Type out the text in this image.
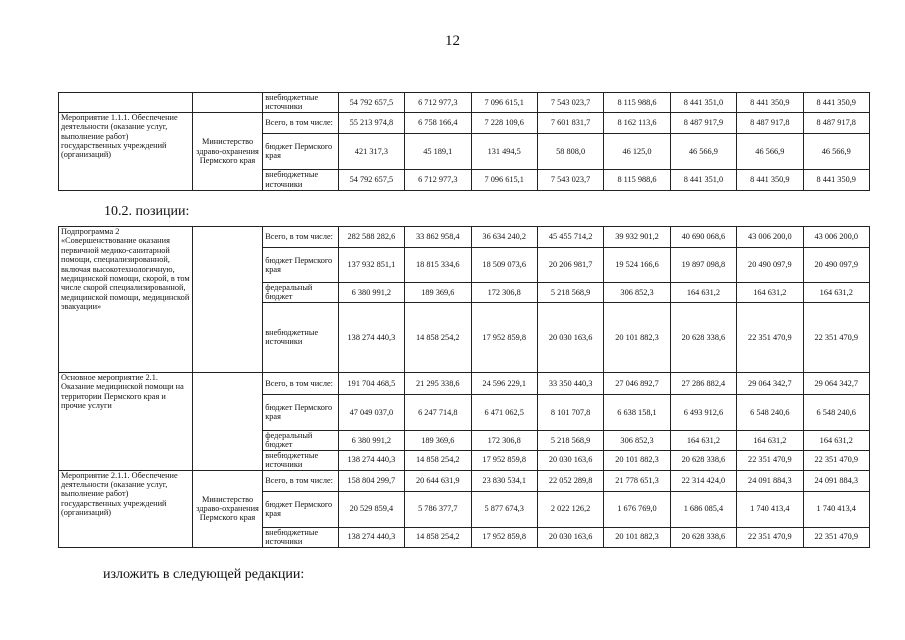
12
		внебюджетные источники	54 792 657,5	6 712 977,3	7 096 615,1	7 543 023,7	8 115 988,6	8 441 351,0	8 441 350,9	8 441 350,9
Мероприятие 1.1.1. Обеспечение деятельности (оказание услуг, выполнение работ) государственных учреждений (организаций)	Министерство здраво-охранения Пермского края	Всего, в том числе:	55 213 974,8	6 758 166,4	7 228 109,6	7 601 831,7	8 162 113,6	8 487 917,9	8 487 917,8	8 487 917,8
		бюджет Пермского края	421 317,3	45 189,1	131 494,5	58 808,0	46 125,0	46 566,9	46 566,9	46 566,9
		внебюджетные источники	54 792 657,5	6 712 977,3	7 096 615,1	7 543 023,7	8 115 988,6	8 441 351,0	8 441 350,9	8 441 350,9
10.2. позиции:
Подпрограмма 2 «Совершенствование оказания первичной медико-санитарной помощи, специализированной, включая высокотехнологичную, медицинской помощи, скорой, в том числе скорой специализированной, медицинской помощи, медицинской эвакуации»		Всего, в том числе:	282 588 282,6	33 862 958,4	36 634 240,2	45 455 714,2	39 932 901,2	40 690 068,6	43 006 200,0	43 006 200,0
		бюджет Пермского края	137 932 851,1	18 815 334,6	18 509 073,6	20 206 981,7	19 524 166,6	19 897 098,8	20 490 097,9	20 490 097,9
		федеральный бюджет	6 380 991,2	189 369,6	172 306,8	5 218 568,9	306 852,3	164 631,2	164 631,2	164 631,2
		внебюджетные источники	138 274 440,3	14 858 254,2	17 952 859,8	20 030 163,6	20 101 882,3	20 628 338,6	22 351 470,9	22 351 470,9
Основное мероприятие 2.1. Оказание медицинской помощи на территории Пермского края и прочие услуги		Всего, в том числе:	191 704 468,5	21 295 338,6	24 596 229,1	33 350 440,3	27 046 892,7	27 286 882,4	29 064 342,7	29 064 342,7
		бюджет Пермского края	47 049 037,0	6 247 714,8	6 471 062,5	8 101 707,8	6 638 158,1	6 493 912,6	6 548 240,6	6 548 240,6
		федеральный бюджет	6 380 991,2	189 369,6	172 306,8	5 218 568,9	306 852,3	164 631,2	164 631,2	164 631,2
		внебюджетные источники	138 274 440,3	14 858 254,2	17 952 859,8	20 030 163,6	20 101 882,3	20 628 338,6	22 351 470,9	22 351 470,9
Мероприятие 2.1.1. Обеспечение деятельности (оказание услуг, выполнение работ) государственных учреждений (организаций)	Министерство здраво-охранения Пермского края	Всего, в том числе:	158 804 299,7	20 644 631,9	23 830 534,1	22 052 289,8	21 778 651,3	22 314 424,0	24 091 884,3	24 091 884,3
		бюджет Пермского края	20 529 859,4	5 786 377,7	5 877 674,3	2 022 126,2	1 676 769,0	1 686 085,4	1 740 413,4	1 740 413,4
		внебюджетные источники	138 274 440,3	14 858 254,2	17 952 859,8	20 030 163,6	20 101 882,3	20 628 338,6	22 351 470,9	22 351 470,9
изложить в следующей редакции:
